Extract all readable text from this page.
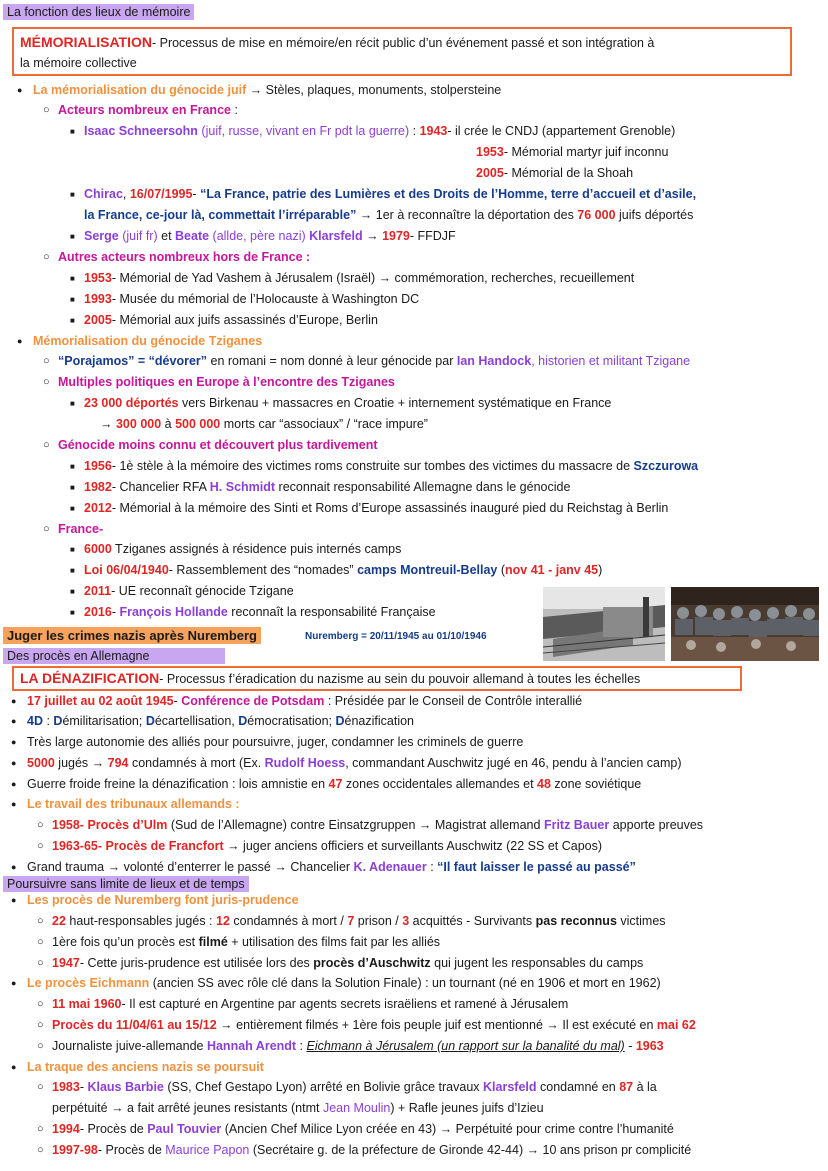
La fonction des lieux de mémoire
MÉMORIALISATION- Processus de mise en mémoire/en récit public d’un événement passé et son intégration à
la mémoire collective
● La mémorialisation du génocide juif → Stèles, plaques, monuments, stolpersteine
○ Acteurs nombreux en France :
■ Isaac Schneersohn (juif, russe, vivant en Fr pdt la guerre) : 1943- il crée le CNDJ (appartement Grenoble)
1953- Mémorial martyr juif inconnu
2005- Mémorial de la Shoah
■ Chirac, 16/07/1995- “La France, patrie des Lumières et des Droits de l’Homme, terre d’accueil et d’asile,
la France, ce-jour là, commettait l’irréparable” → 1er à reconnaître la déportation des 76 000 juifs déportés
■ Serge (juif fr) et Beate (allde, père nazi) Klarsfeld → 1979- FFDJF
○ Autres acteurs nombreux hors de France :
■ 1953- Mémorial de Yad Vashem à Jérusalem (Israël) → commémoration, recherches, recueillement
■ 1993- Musée du mémorial de l’Holocauste à Washington DC
■ 2005- Mémorial aux juifs assassinés d’Europe, Berlin
● Mémorialisation du génocide Tziganes
○ “Porajamos” = “dévorer” en romani = nom donné à leur génocide par Ian Handock, historien et militant Tzigane
○ Multiples politiques en Europe à l’encontre des Tziganes
■ 23 000 déportés vers Birkenau + massacres en Croatie + internement systématique en France
→ 300 000 à 500 000 morts car “associaux” / “race impure”
○ Génocide moins connu et découvert plus tardivement
■ 1956- 1è stèle à la mémoire des victimes roms construite sur tombes des victimes du massacre de Szczurowa
■ 1982- Chancelier RFA H. Schmidt reconnait responsabilité Allemagne dans le génocide
■ 2012- Mémorial à la mémoire des Sinti et Roms d’Europe assassinés inauguré pied du Reichstag à Berlin
○ France-
■ 6000 Tziganes assignés à résidence puis internés camps
■ Loi 06/04/1940- Rassemblement des “nomades” camps Montreuil-Bellay (nov 41 - janv 45)
■ 2011- UE reconnaît génocide Tzigane
■ 2016- François Hollande reconnaît la responsabilité Française
Juger les crimes nazis après Nuremberg	Nuremberg = 20/11/1945 au 01/10/1946
Des procès en Allemagne
LA DÉNAZIFICATION- Processus f’éradication du nazisme au sein du pouvoir allemand à toutes les échelles
● 17 juillet au 02 août 1945- Conférence de Potsdam : Présidée par le Conseil de Contrôle interallié
● 4D : Démilitarisation; Décartellisation, Démocratisation; Dénazification
● Très large autonomie des alliés pour poursuivre, juger, condamner les criminels de guerre
● 5000 jugés → 794 condamnés à mort (Ex. Rudolf Hoess, commandant Auschwitz jugé en 46, pendu à l’ancien camp)
● Guerre froide freine la dénazification : lois amnistie en 47 zones occidentales allemandes et 48 zone soviétique
● Le travail des tribunaux allemands :
○ 1958- Procès d’Ulm (Sud de l’Allemagne) contre Einsatzgruppen → Magistrat allemand Fritz Bauer apporte preuves
○ 1963-65- Procès de Francfort → juger anciens officiers et surveillants Auschwitz (22 SS et Capos)
● Grand trauma → volonté d’enterrer le passé → Chancelier K. Adenauer : “Il faut laisser le passé au passé”
Poursuivre sans limite de lieux et de temps
● Les procès de Nuremberg font juris-prudence
○ 22 haut-responsables jugés : 12 condamnés à mort / 7 prison / 3 acquittés - Survivants pas reconnus victimes
○ 1ère fois qu’un procès est filmé + utilisation des films fait par les alliés
○ 1947- Cette juris-prudence est utilisée lors des procès d’Auschwitz qui jugent les responsables du camps
● Le procès Eichmann (ancien SS avec rôle clé dans la Solution Finale) : un tournant (né en 1906 et mort en 1962)
○ 11 mai 1960- Il est capturé en Argentine par agents secrets israëliens et ramené à Jérusalem
○ Procès du 11/04/61 au 15/12 → entièrement filmés + 1ère fois peuple juif est mentionné → Il est exécuté en mai 62
○ Journaliste juive-allemande Hannah Arendt : Eichmann à Jérusalem (un rapport sur la banalité du mal) - 1963
● La traque des anciens nazis se poursuit
○ 1983- Klaus Barbie (SS, Chef Gestapo Lyon) arrêté en Bolivie grâce travaux Klarsfeld condamné en 87 à la
perpétuité → a fait arrêté jeunes resistants (ntmt Jean Moulin) + Rafle jeunes juifs d’Izieu
○ 1994- Procès de Paul Touvier (Ancien Chef Milice Lyon créée en 43) → Perpétuité pour crime contre l’humanité
○ 1997-98- Procès de Maurice Papon (Secrétaire g. de la préfecture de Gironde 42-44) → 10 ans prison pr complicité
